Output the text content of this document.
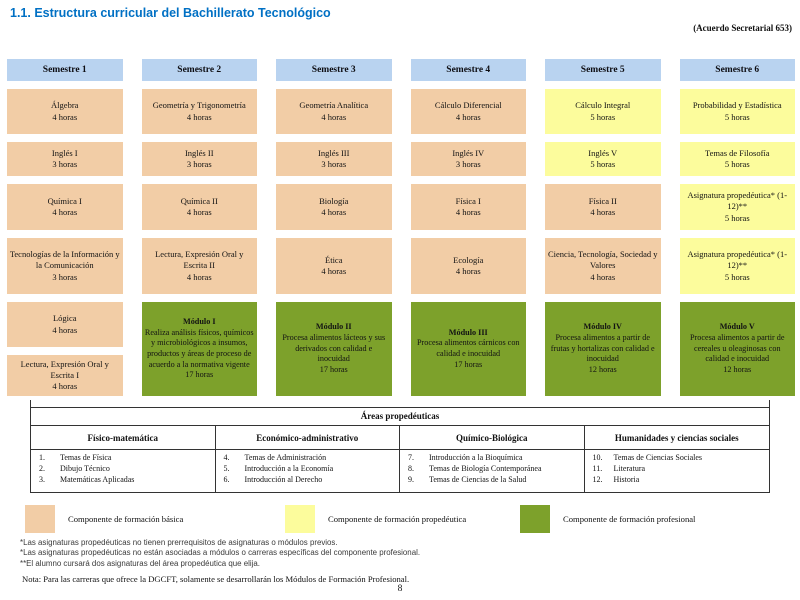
1.1. Estructura curricular del Bachillerato Tecnológico
(Acuerdo Secretarial 653)
Semestre 1
Álgebra
4 horas
Inglés I
3 horas
Química I
4 horas
Tecnologías de la Información y la Comunicación
3 horas
Lógica
4 horas
Lectura, Expresión Oral y Escrita I
4 horas
Semestre 2
Geometría y Trigonometría
4 horas
Inglés II
3 horas
Química II
4 horas
Lectura, Expresión Oral y Escrita II
4 horas
Módulo I
Realiza análisis físicos, químicos y microbiológicos a insumos, productos y áreas de proceso de acuerdo a la normativa vigente
17 horas
Semestre 3
Geometría Analítica
4 horas
Inglés III
3 horas
Biología
4 horas
Ética
4 horas
Módulo II
Procesa alimentos lácteos y sus derivados con calidad e inocuidad
17 horas
Semestre 4
Cálculo Diferencial
4 horas
Inglés IV
3 horas
Física I
4 horas
Ecología
4 horas
Módulo III
Procesa alimentos cárnicos con calidad e inocuidad
17 horas
Semestre 5
Cálculo Integral
5 horas
Inglés V
5 horas
Física II
4 horas
Ciencia, Tecnología, Sociedad y Valores
4 horas
Módulo IV
Procesa alimentos a partir de frutas y hortalizas con calidad e inocuidad
12 horas
Semestre 6
Probabilidad y Estadística
5 horas
Temas de Filosofía
5 horas
Asignatura propedéutica* (1-12)**
5 horas
Asignatura propedéutica* (1-12)**
5 horas
Módulo V
Procesa alimentos a partir de cereales u oleaginosas con calidad e inocuidad
12 horas
Áreas propedéuticas
Físico-matemática	Económico-administrativo	Químico-Biológica	Humanidades y ciencias sociales
1.	Temas de Física
2.	Dibujo Técnico
3.	Matemáticas Aplicadas
4.	Temas de Administración
5.	Introducción a la Economía
6.	Introducción al Derecho
7.	Introducción a la Bioquímica
8.	Temas de Biología Contemporánea
9.	Temas de Ciencias de la Salud
10.	Temas de Ciencias Sociales
11.	Literatura
12.	Historia
Componente de formación básica	Componente de formación propedéutica	Componente de formación profesional
*Las asignaturas propedéuticas no tienen prerrequisitos de asignaturas o módulos previos.
*Las asignaturas propedéuticas no están asociadas a módulos o carreras específicas del componente profesional.
**El alumno cursará dos asignaturas del área propedéutica que elija.
Nota: Para las carreras que ofrece la DGCFT, solamente se desarrollarán los Módulos de Formación Profesional.
8
